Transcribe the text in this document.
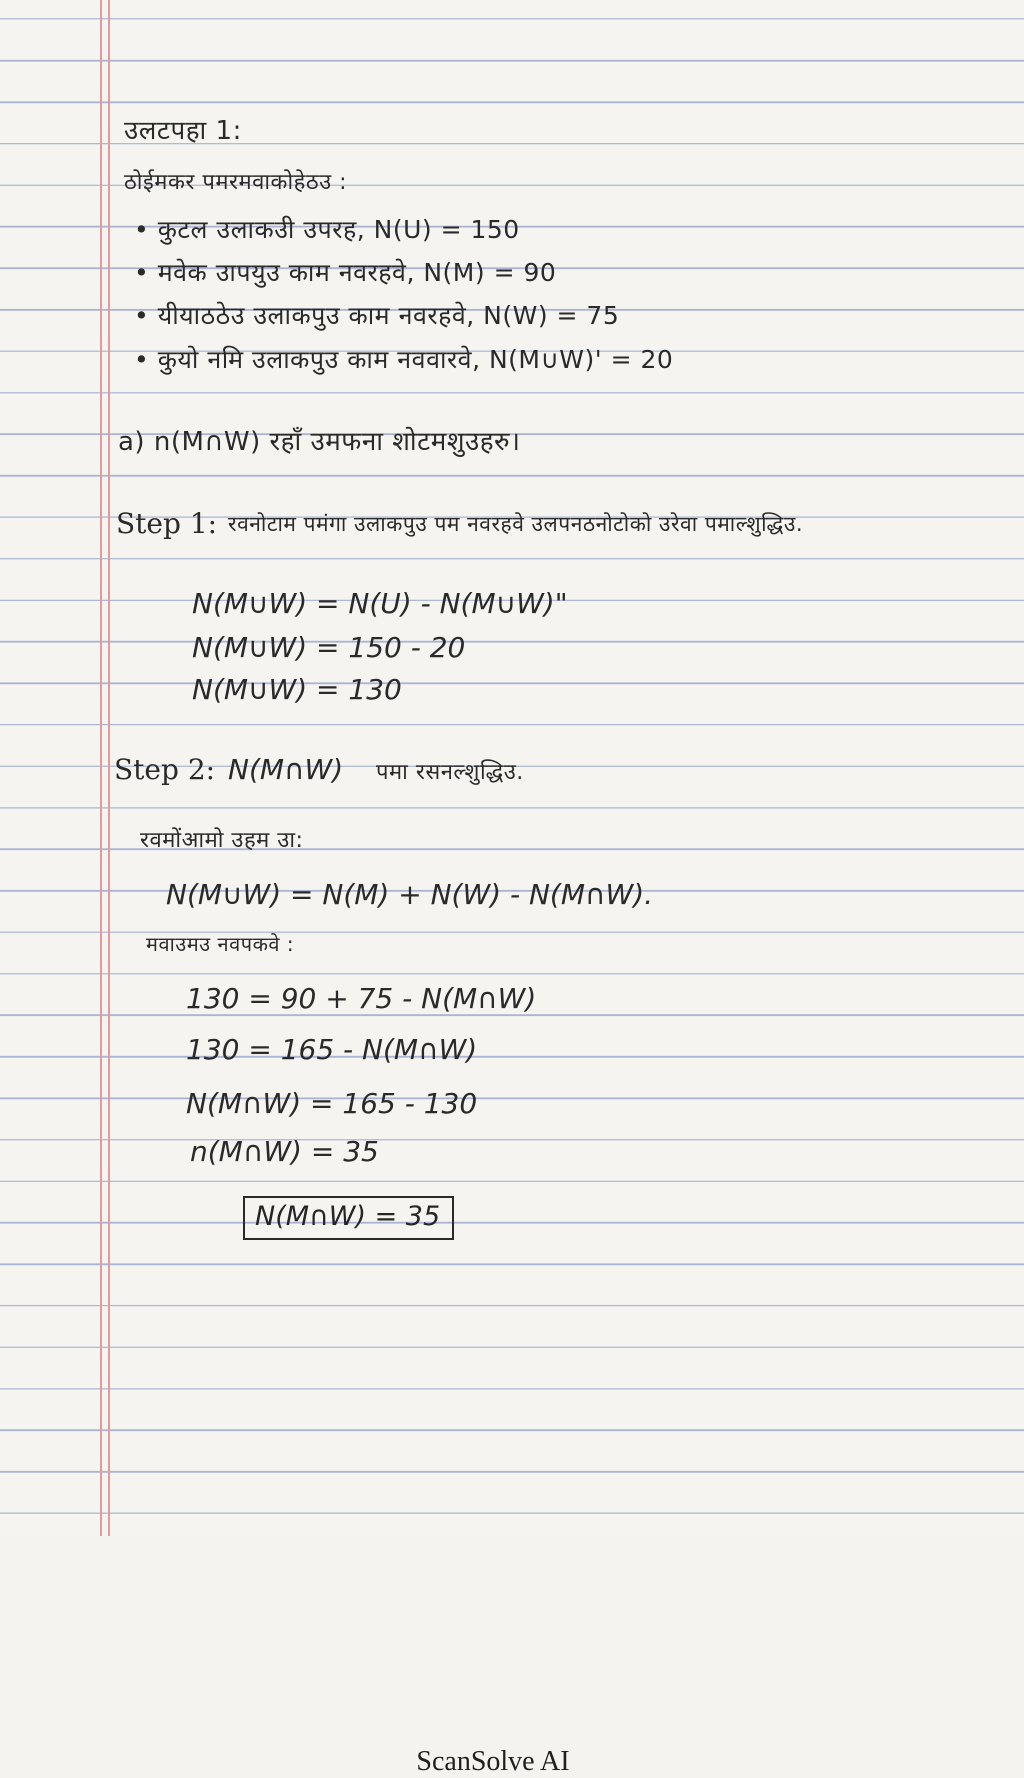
उलटपहा 1:
ठोईमकर पमरमवाकोहेठउ :
• कुटल उलाकउी उपरह, N(U) = 150
• मवेक उापयुउ काम नवरहवे, N(M) = 90
• यीयाठठेउ उलाकपुउ काम नवरहवे, N(W) = 75
• कुयो नमि उलाकपुउ काम नववारवे, N(M∪W)' = 20
a) n(M∩W) रहाँ उमफना शोटमशुउहरु।
Step 1: रवनोटाम पमंगा उलाकपुउ पम नवरहवे उलपनठनोटोको उरेवा पमाल्शुद्धिउ.
N(M∪W) = N(U) - N(M∪W)"
N(M∪W) = 150 - 20
N(M∪W) = 130
Step 2: N(M∩W) पमा रसनल्शुद्धिउ.
रवमोंआमो उहम उा:
N(M∪W) = N(M) + N(W) - N(M∩W).
मवाउमउ नवपकवे :
130 = 90 + 75 - N(M∩W)
130 = 165 - N(M∩W)
N(M∩W) = 165 - 130
n(M∩W) = 35
N(M∩W) = 35
ScanSolve AI
